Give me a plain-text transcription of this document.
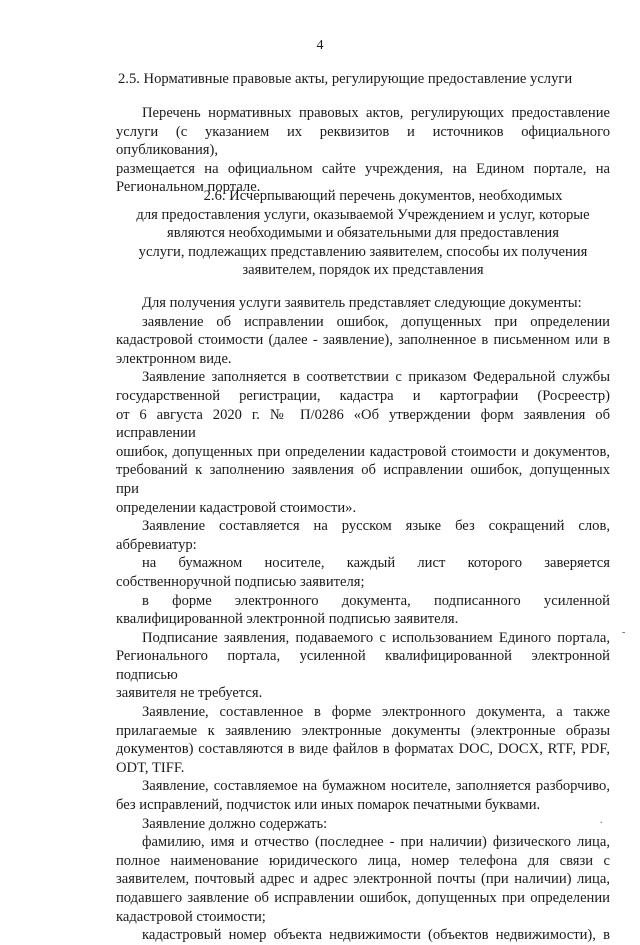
4
2.5. Нормативные правовые акты, регулирующие предоставление услуги
Перечень нормативных правовых актов, регулирующих предоставление
услуги (с указанием их реквизитов и источников официального опубликования),
размещается на официальном сайте учреждения, на Едином портале, на
Региональном портале.
2.6. Исчерпывающий перечень документов, необходимых
для предоставления услуги, оказываемой Учреждением и услуг, которые
являются необходимыми и обязательными для предоставления
услуги, подлежащих представлению заявителем, способы их получения
заявителем, порядок их представления
Для получения услуги заявитель представляет следующие документы:
заявление об исправлении ошибок, допущенных при определении
кадастровой стоимости (далее - заявление), заполненное в письменном или в
электронном виде.
Заявление заполняется в соответствии с приказом Федеральной службы
государственной регистрации, кадастра и картографии (Росреестр)
от 6 августа 2020 г. № П/0286 «Об утверждении форм заявления об исправлении
ошибок, допущенных при определении кадастровой стоимости и документов,
требований к заполнению заявления об исправлении ошибок, допущенных при
определении кадастровой стоимости».
Заявление составляется на русском языке без сокращений слов,
аббревиатур:
на бумажном носителе, каждый лист которого заверяется
собственноручной подписью заявителя;
в форме электронного документа, подписанного усиленной
квалифицированной электронной подписью заявителя.
Подписание заявления, подаваемого с использованием Единого портала,
Регионального портала, усиленной квалифицированной электронной подписью
заявителя не требуется.
Заявление, составленное в форме электронного документа, а также
прилагаемые к заявлению электронные документы (электронные образы
документов) составляются в виде файлов в форматах DOC, DOCX, RTF, PDF,
ODT, TIFF.
Заявление, составляемое на бумажном носителе, заполняется разборчиво,
без исправлений, подчисток или иных помарок печатными буквами.
Заявление должно содержать:
фамилию, имя и отчество (последнее - при наличии) физического лица,
полное наименование юридического лица, номер телефона для связи с
заявителем, почтовый адрес и адрес электронной почты (при наличии) лица,
подавшего заявление об исправлении ошибок, допущенных при определении
кадастровой стоимости;
кадастровый номер объекта недвижимости (объектов недвижимости), в
-
.
